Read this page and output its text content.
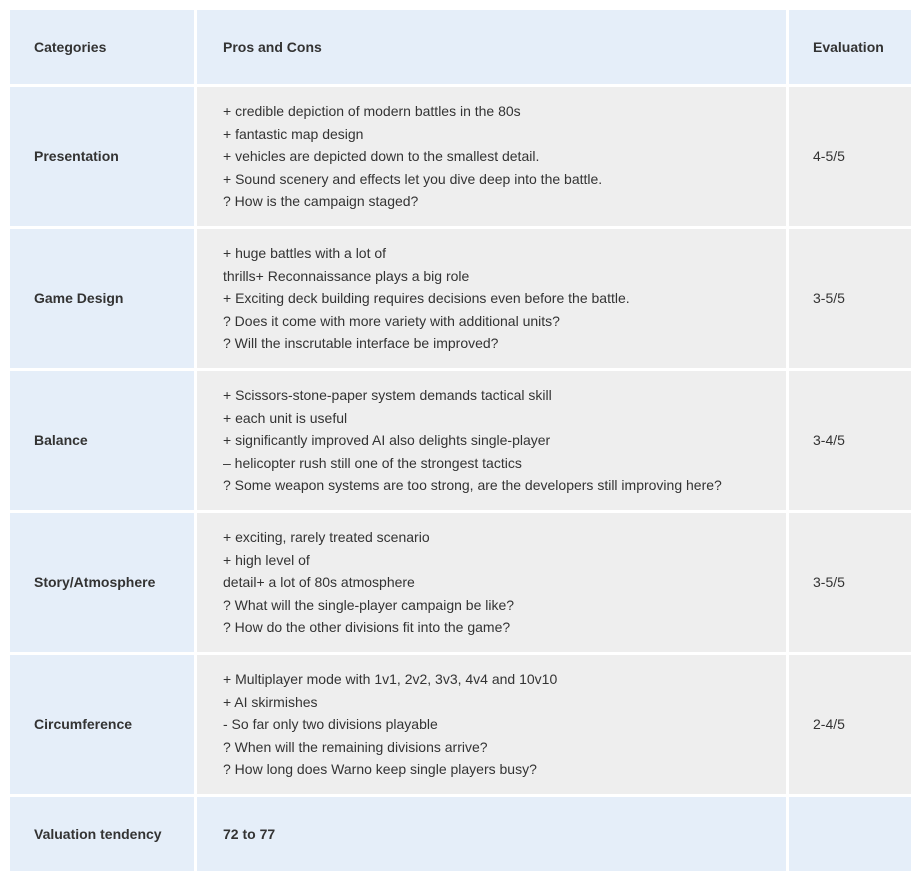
Categories	Pros and Cons	Evaluation
Presentation	+ credible depiction of modern battles in the 80s
+ fantastic map design
+ vehicles are depicted down to the smallest detail.
+ Sound scenery and effects let you dive deep into the battle.
? How is the campaign staged?	4-5/5
Game Design	+ huge battles with a lot of
thrills+ Reconnaissance plays a big role
+ Exciting deck building requires decisions even before the battle.
? Does it come with more variety with additional units?
? Will the inscrutable interface be improved?	3-5/5
Balance	+ Scissors-stone-paper system demands tactical skill
+ each unit is useful
+ significantly improved AI also delights single-player
– helicopter rush still one of the strongest tactics
? Some weapon systems are too strong, are the developers still improving here?	3-4/5
Story/Atmosphere	+ exciting, rarely treated scenario
+ high level of
detail+ a lot of 80s atmosphere
? What will the single-player campaign be like?
? How do the other divisions fit into the game?	3-5/5
Circumference	+ Multiplayer mode with 1v1, 2v2, 3v3, 4v4 and 10v10
+ AI skirmishes
- So far only two divisions playable
? When will the remaining divisions arrive?
? How long does Warno keep single players busy?	2-4/5
Valuation tendency	72 to 77	
